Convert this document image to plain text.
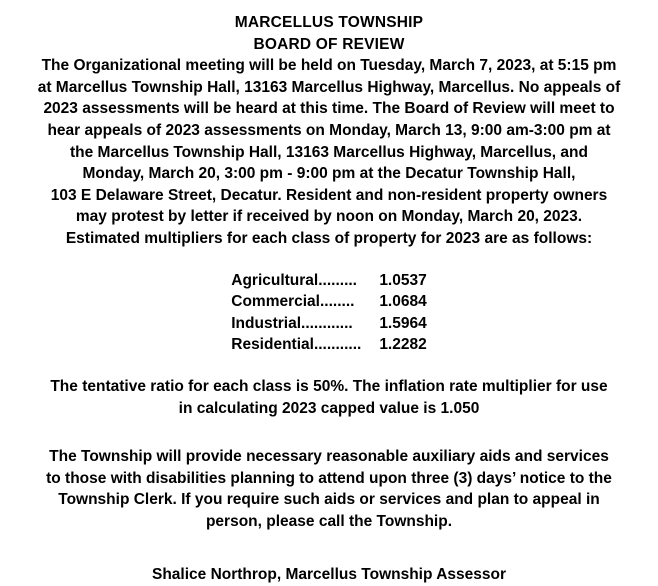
MARCELLUS TOWNSHIP
BOARD OF REVIEW
The Organizational meeting will be held on Tuesday, March 7, 2023, at 5:15 pm
at Marcellus Township Hall, 13163 Marcellus Highway, Marcellus. No appeals of
2023 assessments will be heard at this time. The Board of Review will meet to
hear appeals of 2023 assessments on Monday, March 13, 9:00 am-3:00 pm at
the Marcellus Township Hall, 13163 Marcellus Highway, Marcellus, and
Monday, March 20, 3:00 pm - 9:00 pm at the Decatur Township Hall,
103 E Delaware Street, Decatur. Resident and non-resident property owners
may protest by letter if received by noon on Monday, March 20, 2023.
Estimated multipliers for each class of property for 2023 are as follows:
Agricultural.........	1.0537
Commercial........	1.0684
Industrial............	1.5964
Residential...........	1.2282
The tentative ratio for each class is 50%. The inflation rate multiplier for use
in calculating 2023 capped value is 1.050
The Township will provide necessary reasonable auxiliary aids and services
to those with disabilities planning to attend upon three (3) days’ notice to the
Township Clerk. If you require such aids or services and plan to appeal in
person, please call the Township.
Shalice Northrop, Marcellus Township Assessor
